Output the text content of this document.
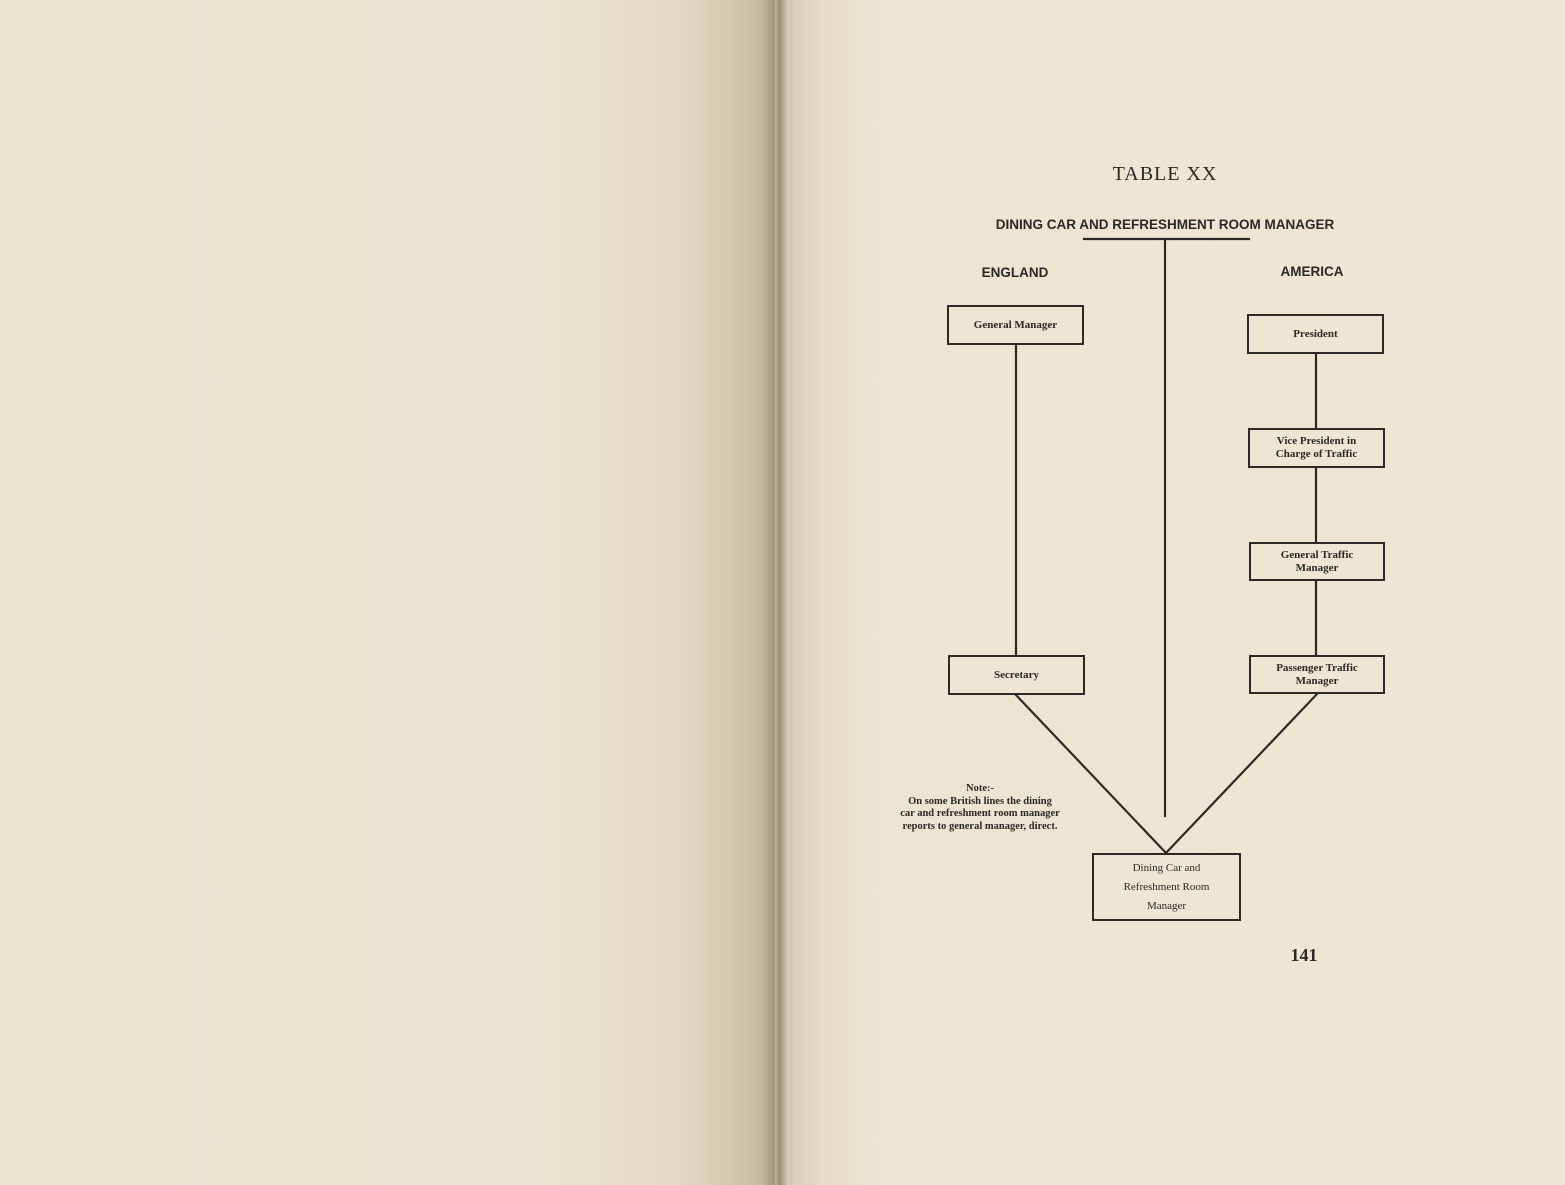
TABLE XX
DINING CAR AND REFRESHMENT ROOM MANAGER
ENGLAND	AMERICA
General Manager
Secretary
President
Vice President in
Charge of Traffic
General Traffic
Manager
Passenger Traffic
Manager
Dining Car and
Refreshment Room
Manager
Note:-
On some British lines the dining
car and refreshment room manager
reports to general manager, direct.
141
